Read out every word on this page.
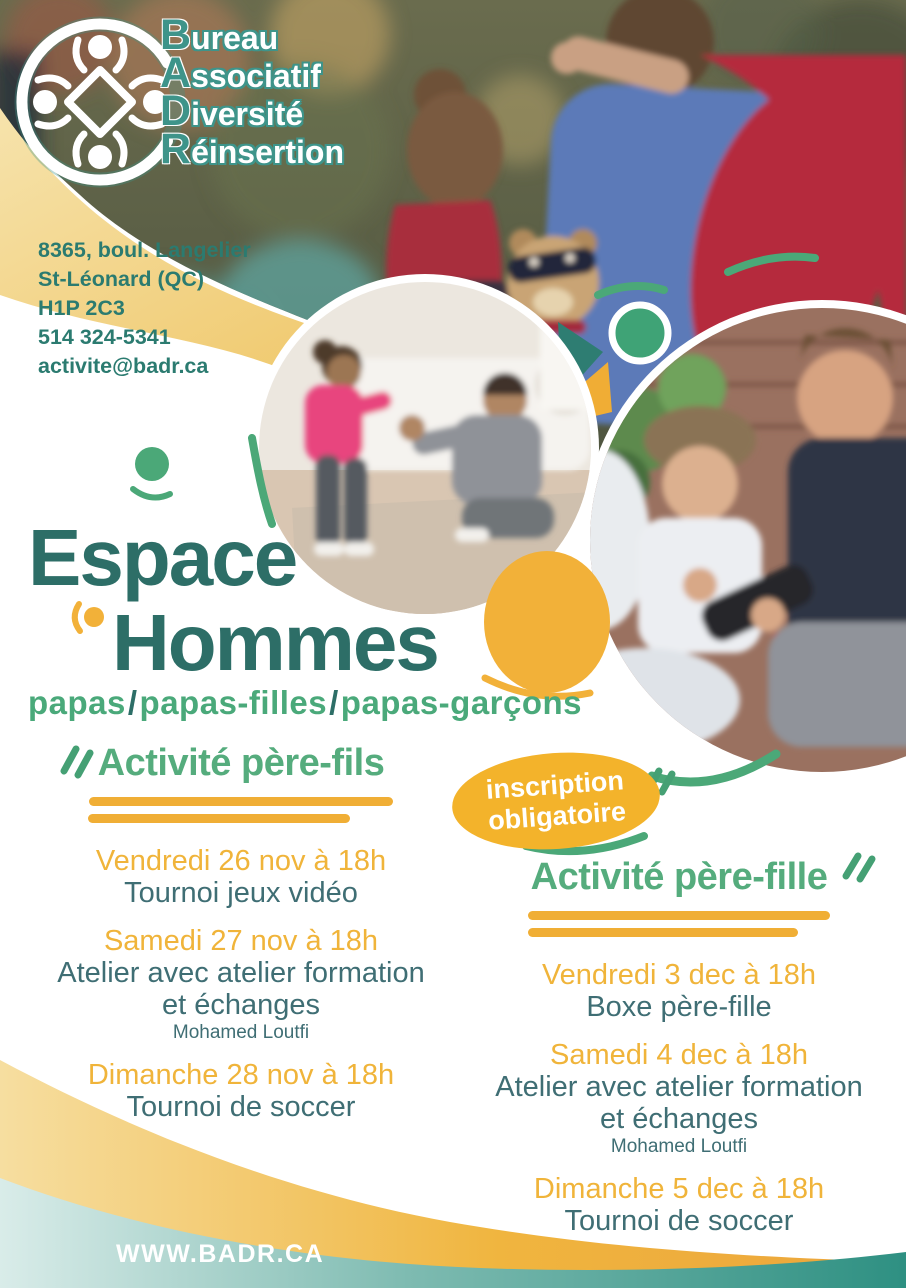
B ureau
A ssociatif
D iversité
R éinsertion
8365, boul. Langelier
St-Léonard (QC)
H1P 2C3
514 324-5341
activite@badr.ca
Espace
Hommes
papas/papas-filles/papas-garçons
inscription
obligatoire
Activité père-fils
Vendredi 26 nov à 18h
Tournoi jeux vidéo
Samedi 27 nov à 18h
Atelier avec atelier formation et échanges
Mohamed Loutfi
Dimanche 28 nov à 18h
Tournoi de soccer
Activité père-fille
Vendredi 3 dec à 18h
Boxe père-fille
Samedi 4 dec à 18h
Atelier avec atelier formation et échanges
Mohamed Loutfi
Dimanche 5 dec à 18h
Tournoi de soccer
WWW.BADR.CA
